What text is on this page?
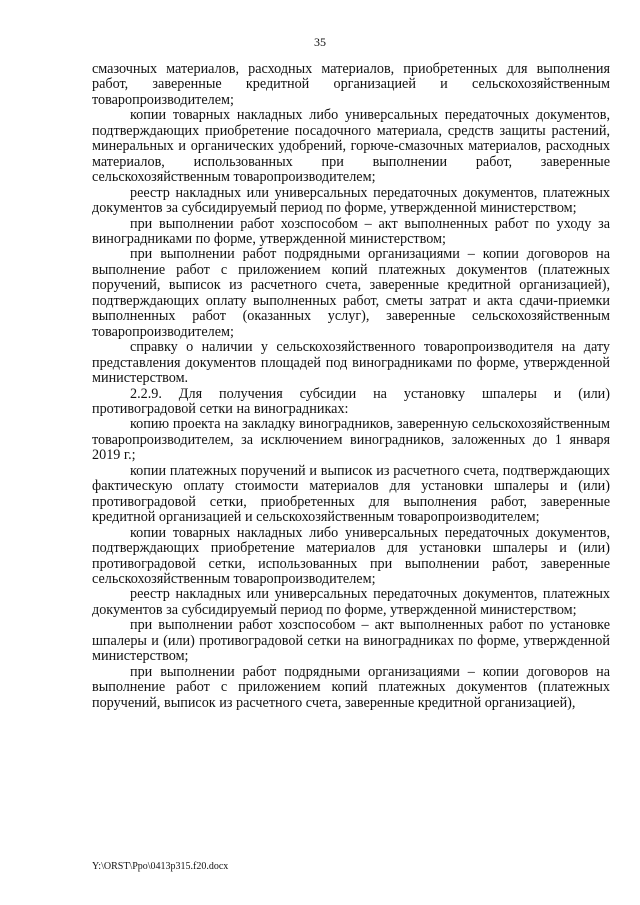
35

смазочных материалов, расходных материалов, приобретенных для выполнения работ, заверенные кредитной организацией и сельскохозяйственным товаропроизводителем;

копии товарных накладных либо универсальных передаточных документов, подтверждающих приобретение посадочного материала, средств защиты растений, минеральных и органических удобрений, горюче-смазочных материалов, расходных материалов, использованных при выполнении работ, заверенные сельскохозяйственным товаропроизводителем;

реестр накладных или универсальных передаточных документов, платежных документов за субсидируемый период по форме, утвержденной министерством;

при выполнении работ хозспособом – акт выполненных работ по уходу за виноградниками по форме, утвержденной министерством;

при выполнении работ подрядными организациями – копии договоров на выполнение работ с приложением копий платежных документов (платежных поручений, выписок из расчетного счета, заверенные кредитной организацией), подтверждающих оплату выполненных работ, сметы затрат и акта сдачи-приемки выполненных работ (оказанных услуг), заверенные сельскохозяйственным товаропроизводителем;

справку о наличии у сельскохозяйственного товаропроизводителя на дату представления документов площадей под виноградниками по форме, утвержденной министерством.

2.2.9. Для получения субсидии на установку шпалеры и (или) противоградовой сетки на виноградниках:

копию проекта на закладку виноградников, заверенную сельскохозяйственным товаропроизводителем, за исключением виноградников, заложенных до 1 января 2019 г.;

копии платежных поручений и выписок из расчетного счета, подтверждающих фактическую оплату стоимости материалов для установки шпалеры и (или) противоградовой сетки, приобретенных для выполнения работ, заверенные кредитной организацией и сельскохозяйственным товаропроизводителем;

копии товарных накладных либо универсальных передаточных документов, подтверждающих приобретение материалов для установки шпалеры и (или) противоградовой сетки, использованных при выполнении работ, заверенные сельскохозяйственным товаропроизводителем;

реестр накладных или универсальных передаточных документов, платежных документов за субсидируемый период по форме, утвержденной министерством;

при выполнении работ хозспособом – акт выполненных работ по установке шпалеры и (или) противоградовой сетки на виноградниках по форме, утвержденной министерством;

при выполнении работ подрядными организациями – копии договоров на выполнение работ с приложением копий платежных документов (платежных поручений, выписок из расчетного счета, заверенные кредитной организацией),

Y:\ORST\Ppo\0413p315.f20.docx
